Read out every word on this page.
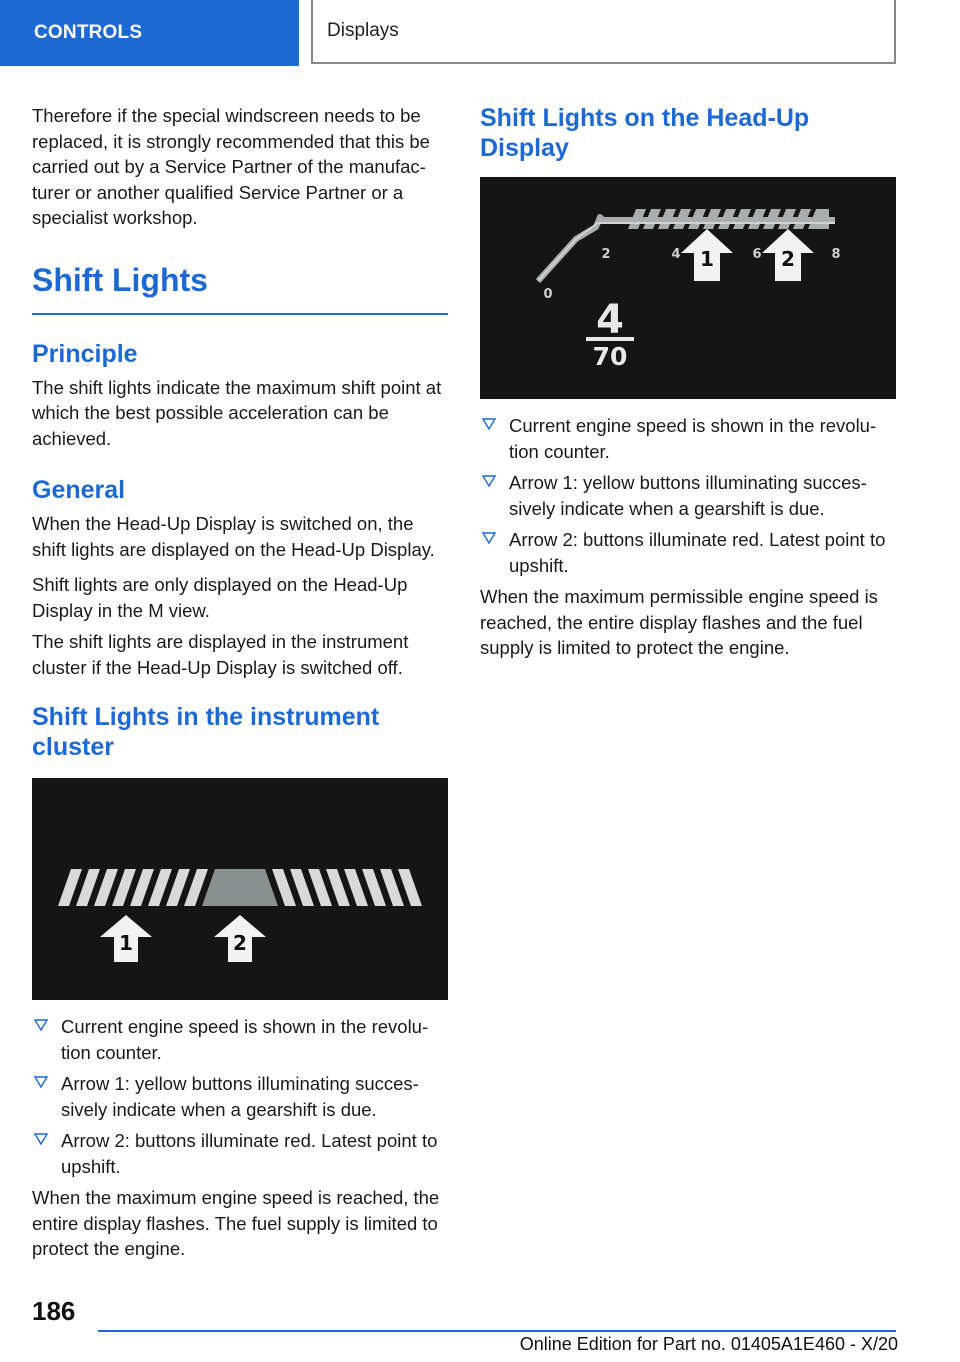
CONTROLS	Displays

Therefore if the special windscreen needs to be replaced, it is strongly recommended that this be carried out by a Service Partner of the manufacturer or another qualified Service Partner or a specialist workshop.

Shift Lights
Principle

The shift lights indicate the maximum shift point at which the best possible acceleration can be achieved.

General

When the Head-Up Display is switched on, the shift lights are displayed on the Head-Up Display.

Shift lights are only displayed on the Head-Up Display in the M view.

The shift lights are displayed in the instrument cluster if the Head-Up Display is switched off.

Shift Lights in the instrument cluster
1	2
Current engine speed is shown in the revolution counter.
Arrow 1: yellow buttons illuminating successively indicate when a gearshift is due.
Arrow 2: buttons illuminate red. Latest point to upshift.

When the maximum engine speed is reached, the entire display flashes. The fuel supply is limited to protect the engine.

Shift Lights on the Head-Up Display
0
2	4	6	8
1	2
4
70
Current engine speed is shown in the revolution counter.
Arrow 1: yellow buttons illuminating successively indicate when a gearshift is due.
Arrow 2: buttons illuminate red. Latest point to upshift.

When the maximum permissible engine speed is reached, the entire display flashes and the fuel supply is limited to protect the engine.

186
Online Edition for Part no. 01405A1E460 - X/20
